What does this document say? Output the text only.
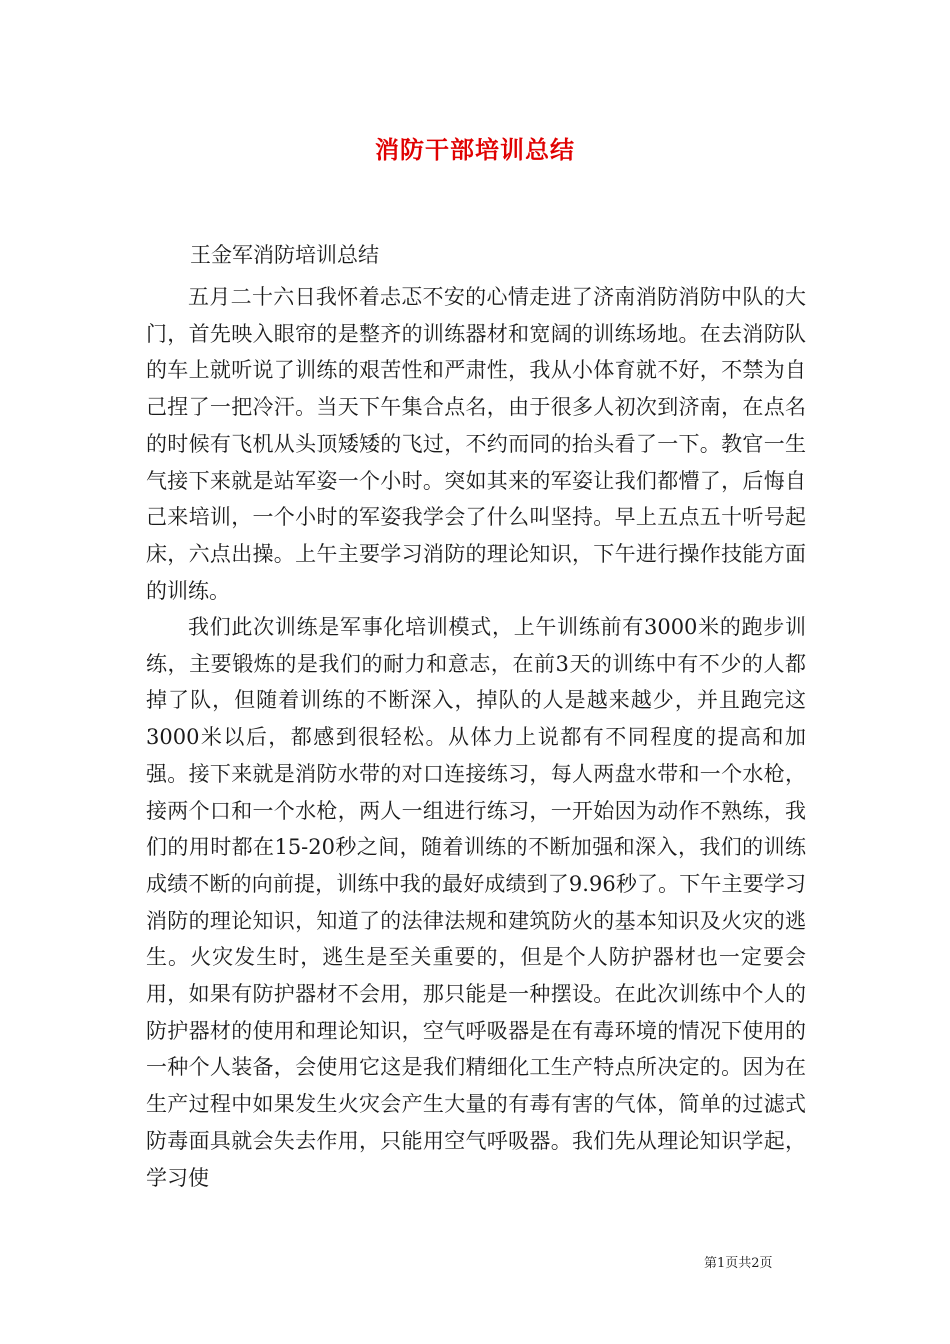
消防干部培训总结
王金军消防培训总结

五月二十六日我怀着忐忑不安的心情走进了济南消防消防中队的大门，首先映入眼帘的是整齐的训练器材和宽阔的训练场地。在去消防队的车上就听说了训练的艰苦性和严肃性，我从小体育就不好，不禁为自己捏了一把冷汗。当天下午集合点名，由于很多人初次到济南，在点名的时候有飞机从头顶矮矮的飞过，不约而同的抬头看了一下。教官一生气接下来就是站军姿一个小时。突如其来的军姿让我们都懵了，后悔自己来培训，一个小时的军姿我学会了什么叫坚持。早上五点五十听号起床，六点出操。上午主要学习消防的理论知识，下午进行操作技能方面的训练。

我们此次训练是军事化培训模式，上午训练前有3000米的跑步训练，主要锻炼的是我们的耐力和意志，在前3天的训练中有不少的人都掉了队，但随着训练的不断深入，掉队的人是越来越少，并且跑完这3000米以后，都感到很轻松。从体力上说都有不同程度的提高和加强。接下来就是消防水带的对口连接练习，每人两盘水带和一个水枪，接两个口和一个水枪，两人一组进行练习，一开始因为动作不熟练，我们的用时都在15-20秒之间，随着训练的不断加强和深入，我们的训练成绩不断的向前提，训练中我的最好成绩到了9.96秒了。下午主要学习消防的理论知识，知道了的法律法规和建筑防火的基本知识及火灾的逃生。火灾发生时，逃生是至关重要的，但是个人防护器材也一定要会用，如果有防护器材不会用，那只能是一种摆设。在此次训练中个人的防护器材的使用和理论知识，空气呼吸器是在有毒环境的情况下使用的一种个人装备，会使用它这是我们精细化工生产特点所决定的。因为在生产过程中如果发生火灾会产生大量的有毒有害的气体，简单的过滤式防毒面具就会失去作用，只能用空气呼吸器。我们先从理论知识学起，学习使

第1页共2页
